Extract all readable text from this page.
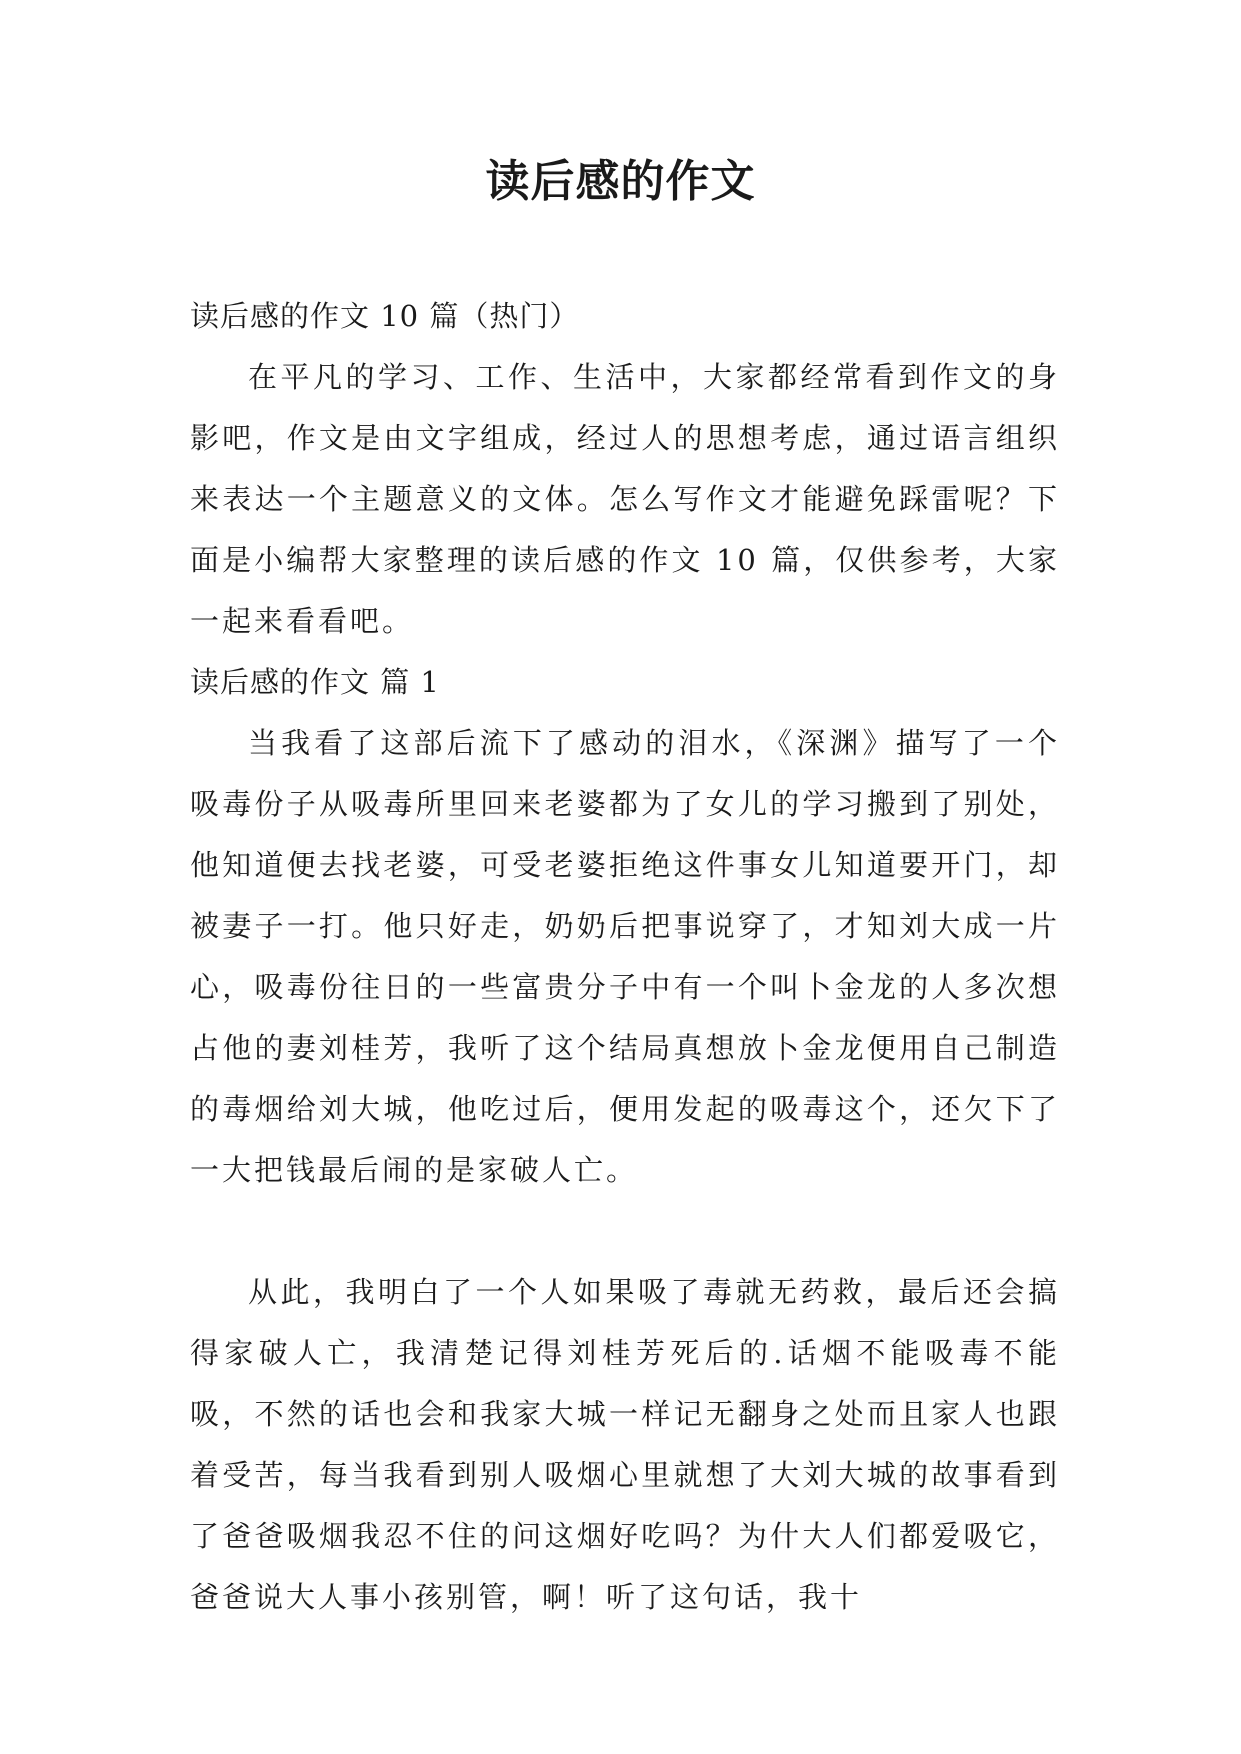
读后感的作文

读后感的作文 10 篇（热门）

在平凡的学习、工作、生活中，大家都经常看到作文的身影吧，作文是由文字组成，经过人的思想考虑，通过语言组织来表达一个主题意义的文体。怎么写作文才能避免踩雷呢？下面是小编帮大家整理的读后感的作文 10 篇，仅供参考，大家一起来看看吧。

读后感的作文 篇 1

当我看了这部后流下了感动的泪水，《深渊》描写了一个吸毒份子从吸毒所里回来老婆都为了女儿的学习搬到了别处，他知道便去找老婆，可受老婆拒绝这件事女儿知道要开门，却被妻子一打。他只好走，奶奶后把事说穿了，才知刘大成一片心，吸毒份往日的一些富贵分子中有一个叫卜金龙的人多次想占他的妻刘桂芳，我听了这个结局真想放卜金龙便用自己制造的毒烟给刘大城，他吃过后，便用发起的吸毒这个，还欠下了一大把钱最后闹的是家破人亡。

从此，我明白了一个人如果吸了毒就无药救，最后还会搞得家破人亡，我清楚记得刘桂芳死后的.话烟不能吸毒不能吸，不然的话也会和我家大城一样记无翻身之处而且家人也跟着受苦，每当我看到别人吸烟心里就想了大刘大城的故事看到了爸爸吸烟我忍不住的问这烟好吃吗？为什大人们都爱吸它，爸爸说大人事小孩别管，啊！听了这句话，我十
